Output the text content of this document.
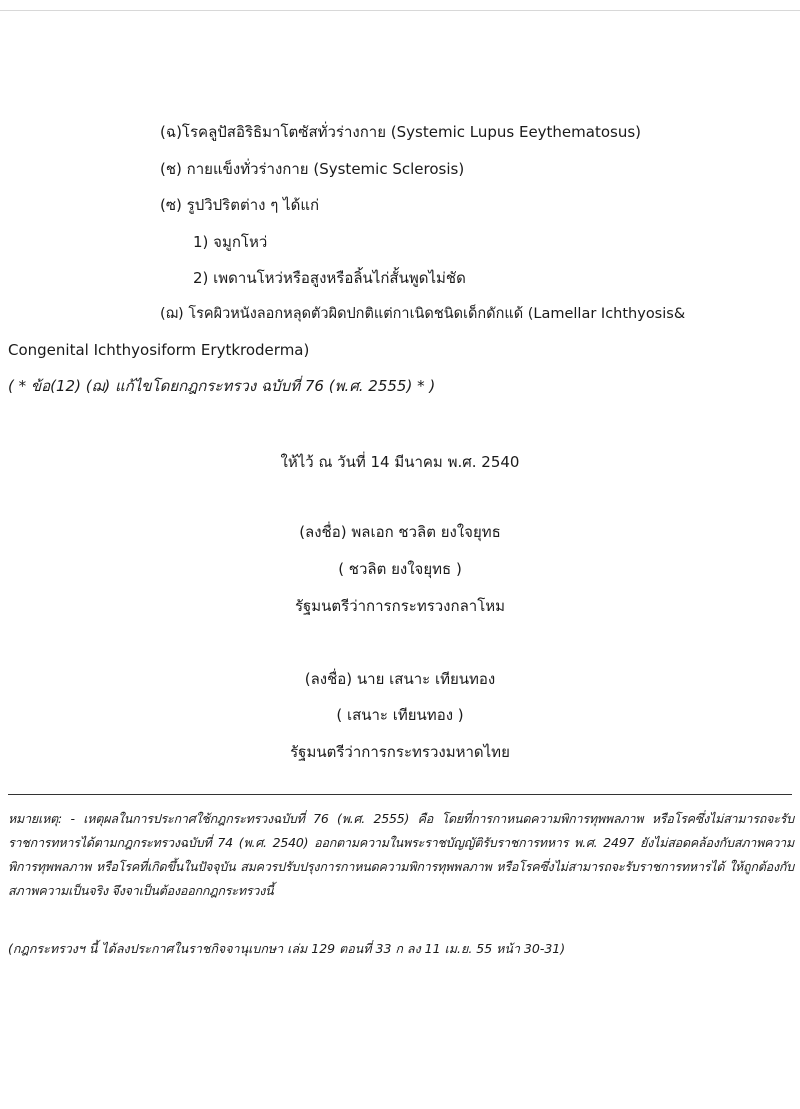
(ฉ)โรคลูปัสอิริธิมาโตซัสทั่วร่างกาย (Systemic Lupus Eeythematosus)
(ช) กายแข็งทั่วร่างกาย (Systemic Sclerosis)
(ซ) รูปวิปริตต่าง ๆ ได้แก่
1) จมูกโหว่
2) เพดานโหว่หรือสูงหรือลิ้นไก่สั้นพูดไม่ชัด
(ฌ) โรคผิวหนังลอกหลุดตัวผิดปกติแต่กาเนิดชนิดเด็กดักแด้ (Lamellar Ichthyosis&
Congenital Ichthyosiform Erytkroderma)
( * ข้อ(12) (ฌ) แก้ไขโดยกฎกระทรวง ฉบับที่ 76 (พ.ศ. 2555) * )
ให้ไว้ ณ วันที่ 14 มีนาคม พ.ศ. 2540
(ลงชื่อ) พลเอก ชวลิต ยงใจยุทธ
( ชวลิต ยงใจยุทธ )
รัฐมนตรีว่าการกระทรวงกลาโหม
(ลงชื่อ) นาย เสนาะ เทียนทอง
( เสนาะ เทียนทอง )
รัฐมนตรีว่าการกระทรวงมหาดไทย
หมายเหตุ: - เหตุผลในการประกาศใช้กฎกระทรวงฉบับที่ 76 (พ.ศ. 2555) คือ โดยที่การกาหนดความพิการทุพพลภาพ หรือโรคซึ่งไม่สามารถจะรับราชการทหารได้ตามกฎกระทรวงฉบับที่ 74 (พ.ศ. 2540) ออกตามความในพระราชบัญญัติรับราชการทหาร พ.ศ. 2497 ยังไม่สอดคล้องกับสภาพความพิการทุพพลภาพ หรือโรคที่เกิดขึ้นในปัจจุบัน สมควรปรับปรุงการกาหนดความพิการทุพพลภาพ หรือโรคซึ่งไม่สามารถจะรับราชการทหารได้ ให้ถูกต้องกับสภาพความเป็นจริง จึงจาเป็นต้องออกกฎกระทรวงนี้
(กฎกระทรวงฯ นี้ ได้ลงประกาศในราชกิจจานุเบกษา เล่ม 129 ตอนที่ 33 ก ลง 11 เม.ย. 55 หน้า 30-31)
